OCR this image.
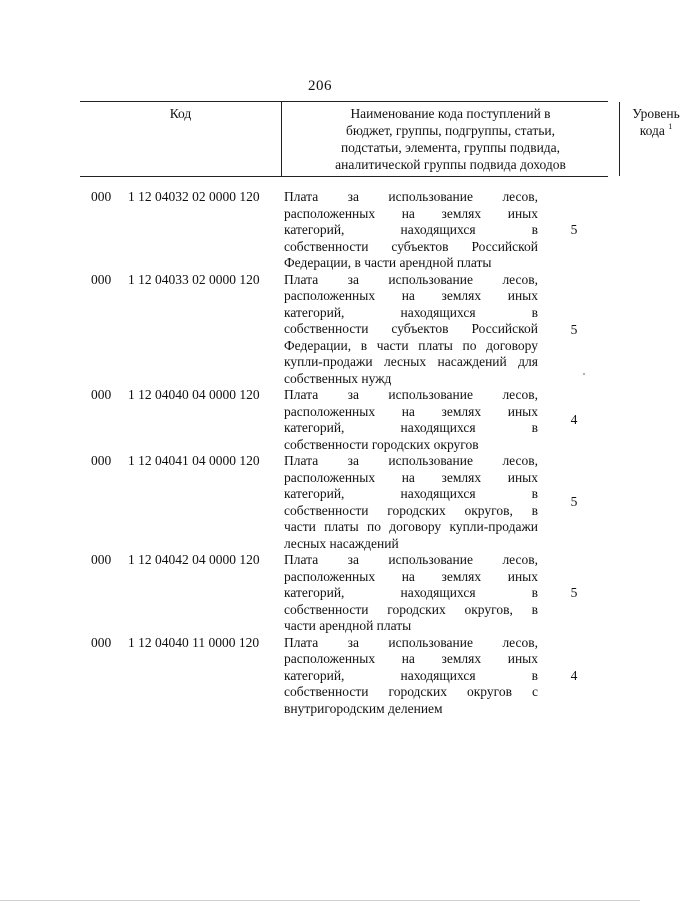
206
Код	Наименование кода поступлений в
бюджет, группы, подгруппы, статьи,
подстатьи, элемента, группы подвида,
аналитической группы подвида доходов
Уровень
кода $^1$
000 1 12 04032 02 0000 120 Плата за использование лесов,
расположенных на землях иных
категорий, находящихся в
собственности субъектов Российской
Федерации, в части арендной платы
5
000 1 12 04033 02 0000 120 Плата за использование лесов,
расположенных на землях иных
категорий, находящихся в
собственности субъектов Российской
Федерации, в части платы по договору
купли-продажи лесных насаждений для
собственных нужд
5
000 1 12 04040 04 0000 120 Плата за использование лесов,
расположенных на землях иных
категорий, находящихся в
собственности городских округов
4
000 1 12 04041 04 0000 120 Плата за использование лесов,
расположенных на землях иных
категорий, находящихся в
собственности городских округов, в
части платы по договору купли-продажи
лесных насаждений
5
000 1 12 04042 04 0000 120 Плата за использование лесов,
расположенных на землях иных
категорий, находящихся в
собственности городских округов, в
части арендной платы
5
000 1 12 04040 11 0000 120 Плата за использование лесов,
расположенных на землях иных
категорий, находящихся в
собственности городских округов с
внутригородским делением
4
